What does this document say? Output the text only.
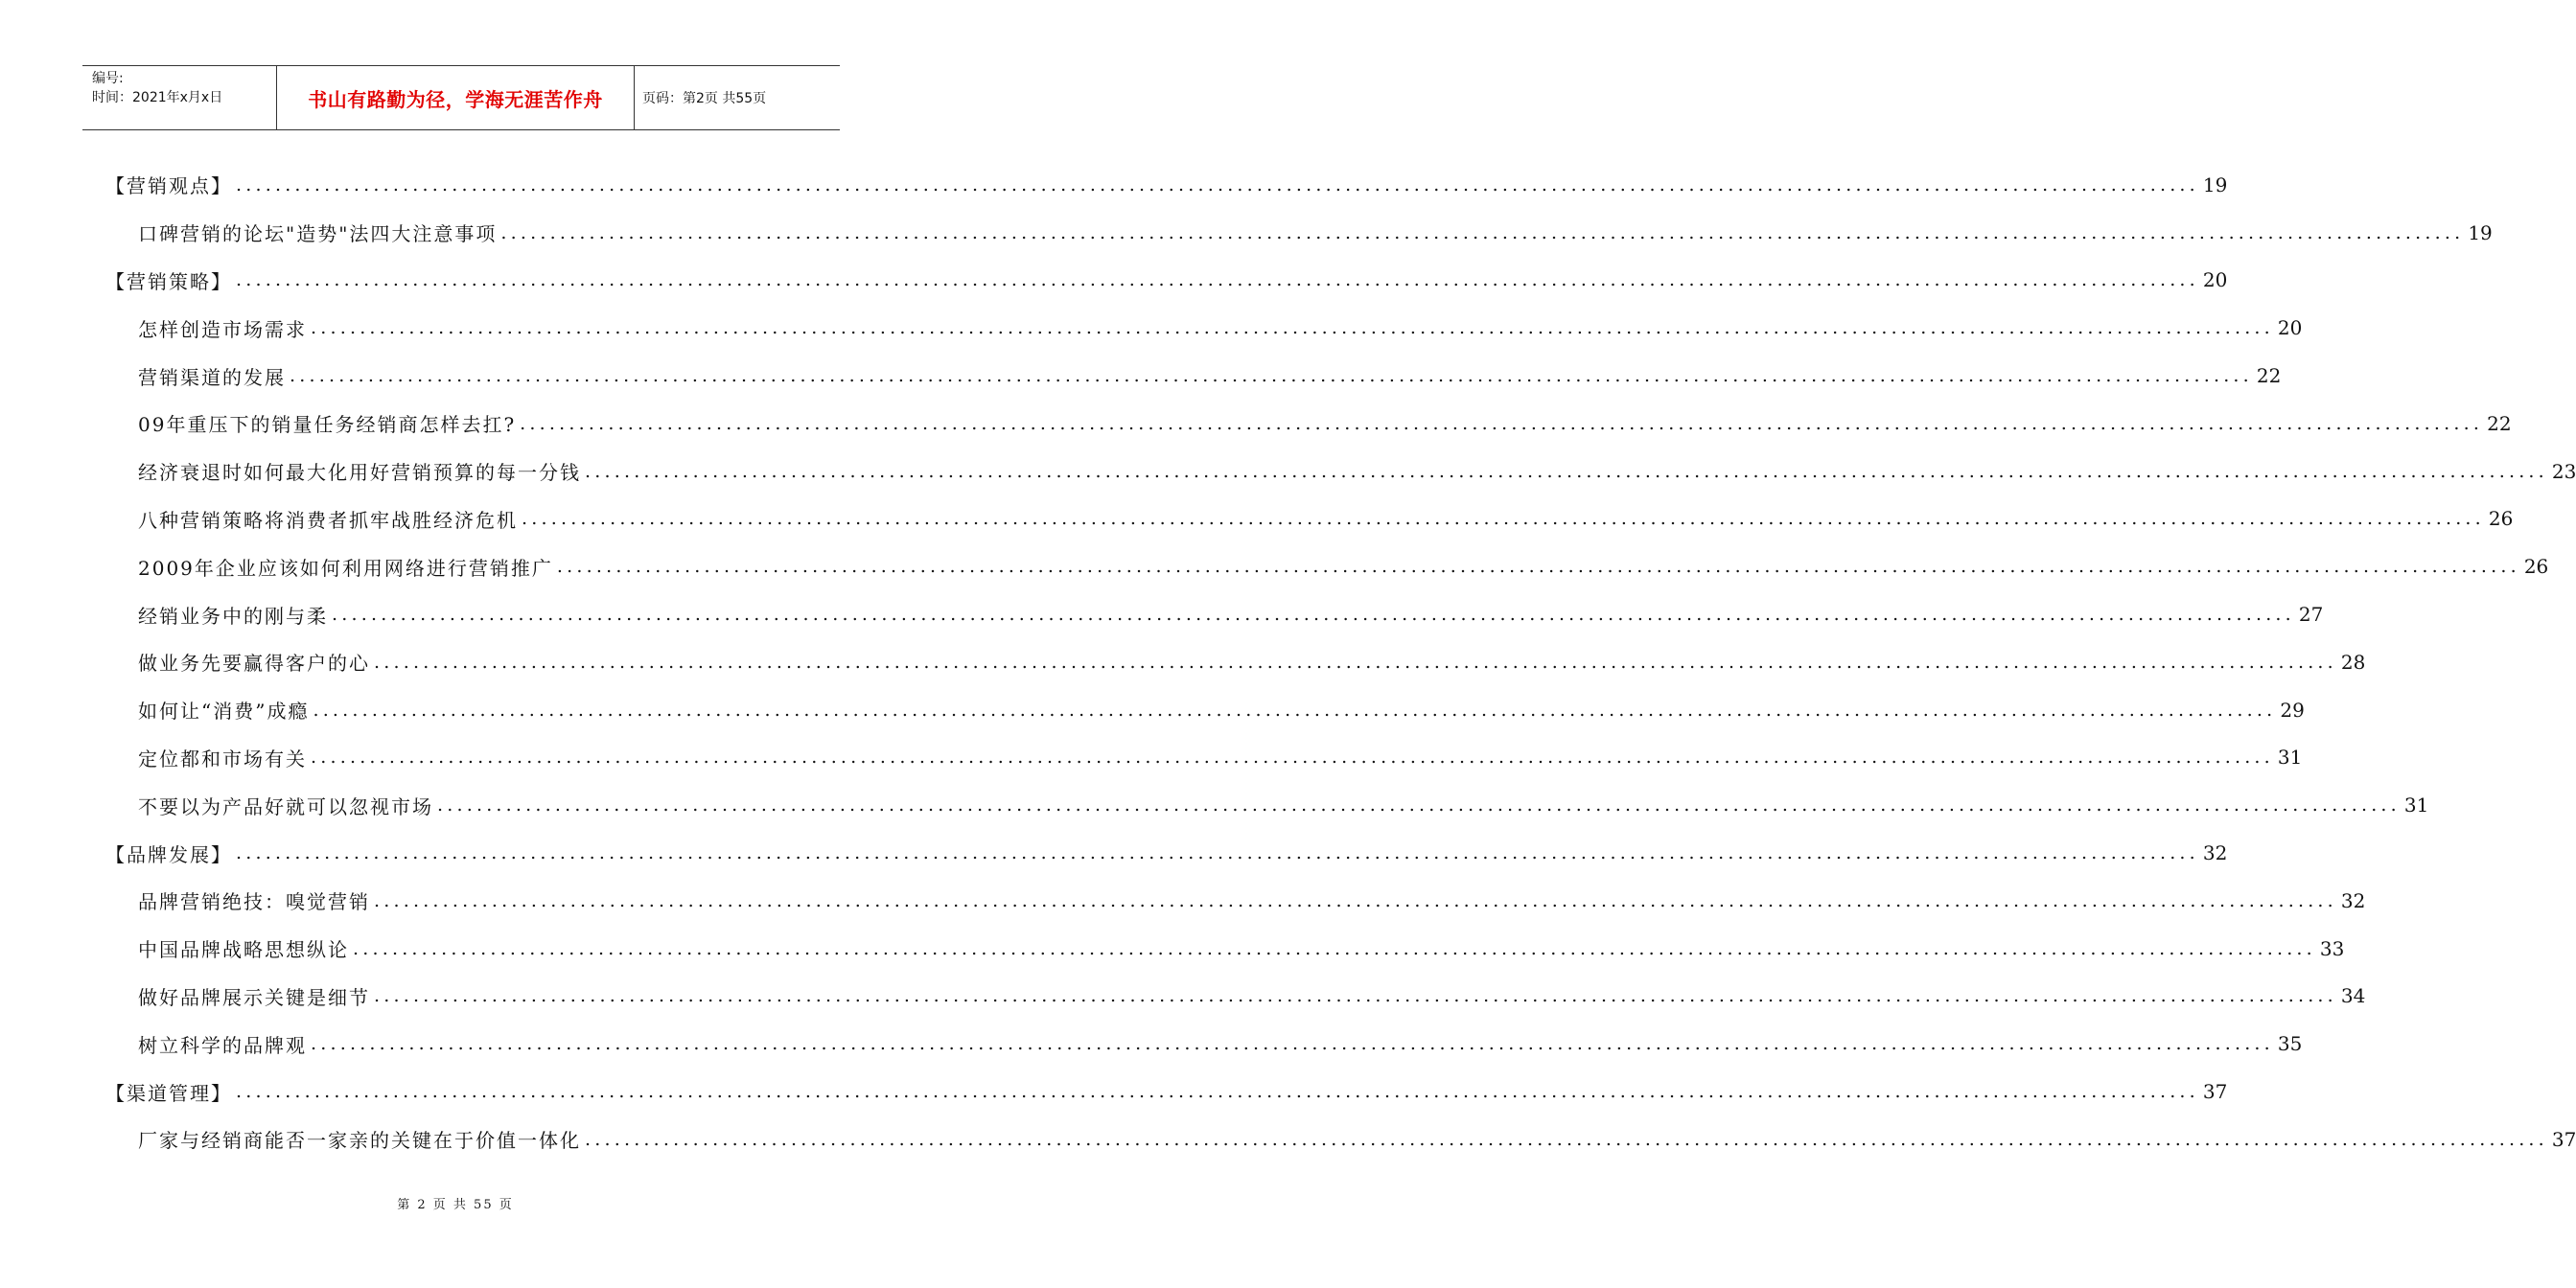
编号:
时间：2021年x月x日	书山有路勤为径，学海无涯苦作舟	页码：第2页 共55页
【营销观点】 ........................................................................................................................................................................................................ 19
口碑营销的论坛"造势"法四大注意事项 ........................................................................................................................................................................................................ 19
【营销策略】 ........................................................................................................................................................................................................ 20
怎样创造市场需求 ........................................................................................................................................................................................................ 20
营销渠道的发展 ........................................................................................................................................................................................................ 22
09年重压下的销量任务经销商怎样去扛? ........................................................................................................................................................................................................ 22
经济衰退时如何最大化用好营销预算的每一分钱 ........................................................................................................................................................................................................ 23
八种营销策略将消费者抓牢战胜经济危机 ........................................................................................................................................................................................................ 26
2009年企业应该如何利用网络进行营销推广 ........................................................................................................................................................................................................ 26
经销业务中的刚与柔 ........................................................................................................................................................................................................ 27
做业务先要赢得客户的心 ........................................................................................................................................................................................................ 28
如何让“消费”成瘾 ........................................................................................................................................................................................................ 29
定位都和市场有关 ........................................................................................................................................................................................................ 31
不要以为产品好就可以忽视市场 ........................................................................................................................................................................................................ 31
【品牌发展】 ........................................................................................................................................................................................................ 32
品牌营销绝技：嗅觉营销 ........................................................................................................................................................................................................ 32
中国品牌战略思想纵论 ........................................................................................................................................................................................................ 33
做好品牌展示关键是细节 ........................................................................................................................................................................................................ 34
树立科学的品牌观 ........................................................................................................................................................................................................ 35
【渠道管理】 ........................................................................................................................................................................................................ 37
厂家与经销商能否一家亲的关键在于价值一体化 ........................................................................................................................................................................................................ 37
第 2 页 共 55 页
